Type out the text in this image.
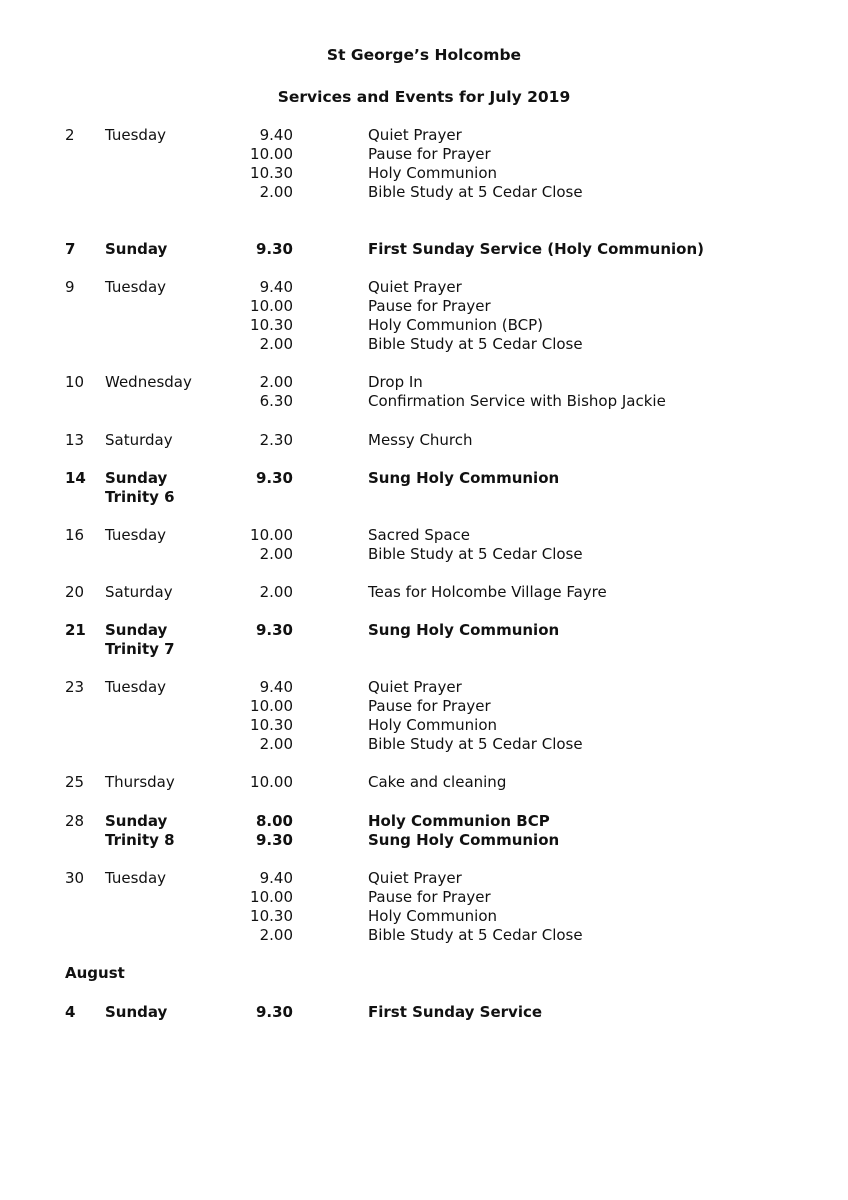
St George’s Holcombe
Services and Events for July 2019
2 Tuesday	9.40	Quiet Prayer
10.00	Pause for Prayer
10.30	Holy Communion
2.00	Bible Study at 5 Cedar Close
7 Sunday	9.30	First Sunday Service (Holy Communion)
9 Tuesday	9.40	Quiet Prayer
10.00	Pause for Prayer
10.30	Holy Communion (BCP)
2.00	Bible Study at 5 Cedar Close
10 Wednesday	2.00	Drop In
6.30	Confirmation Service with Bishop Jackie
13 Saturday	2.30	Messy Church
14 Sunday	9.30	Sung Holy Communion
Trinity 6
16 Tuesday	10.00	Sacred Space
2.00	Bible Study at 5 Cedar Close
20 Saturday	2.00	Teas for Holcombe Village Fayre
21 Sunday	9.30	Sung Holy Communion
Trinity 7
23 Tuesday	9.40	Quiet Prayer
10.00	Pause for Prayer
10.30	Holy Communion
2.00	Bible Study at 5 Cedar Close
25 Thursday	10.00	Cake and cleaning
28 Sunday	8.00	Holy Communion BCP
Trinity 8	9.30	Sung Holy Communion
30 Tuesday	9.40	Quiet Prayer
10.00	Pause for Prayer
10.30	Holy Communion
2.00	Bible Study at 5 Cedar Close
August
4 Sunday	9.30	First Sunday Service
